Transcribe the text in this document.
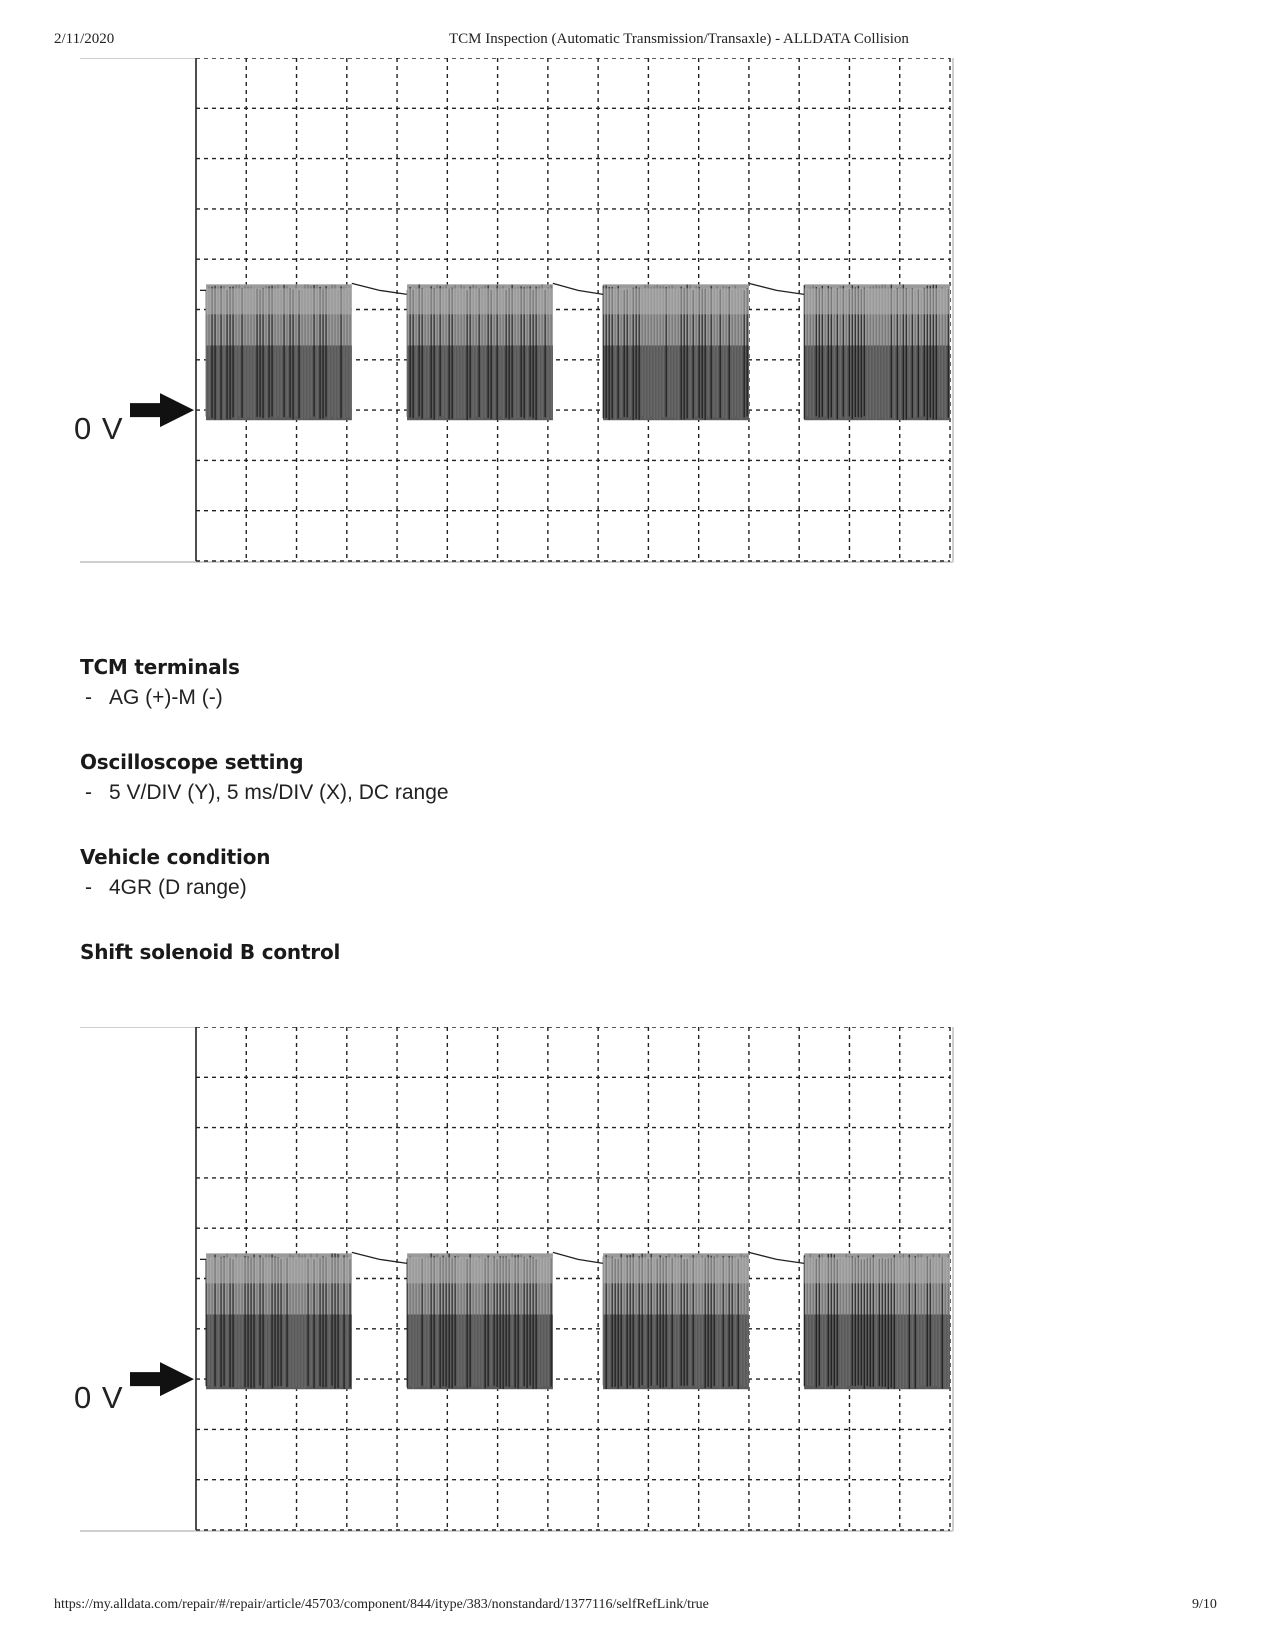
2/11/2020	TCM Inspection (Automatic Transmission/Transaxle) - ALLDATA Collision
0 V
TCM terminals
- AG (+)-M (-)
Oscilloscope setting
- 5 V/DIV (Y), 5 ms/DIV (X), DC range
Vehicle condition
- 4GR (D range)
Shift solenoid B control
0 V
https://my.alldata.com/repair/#/repair/article/45703/component/844/itype/383/nonstandard/1377116/selfRefLink/true	9/10
